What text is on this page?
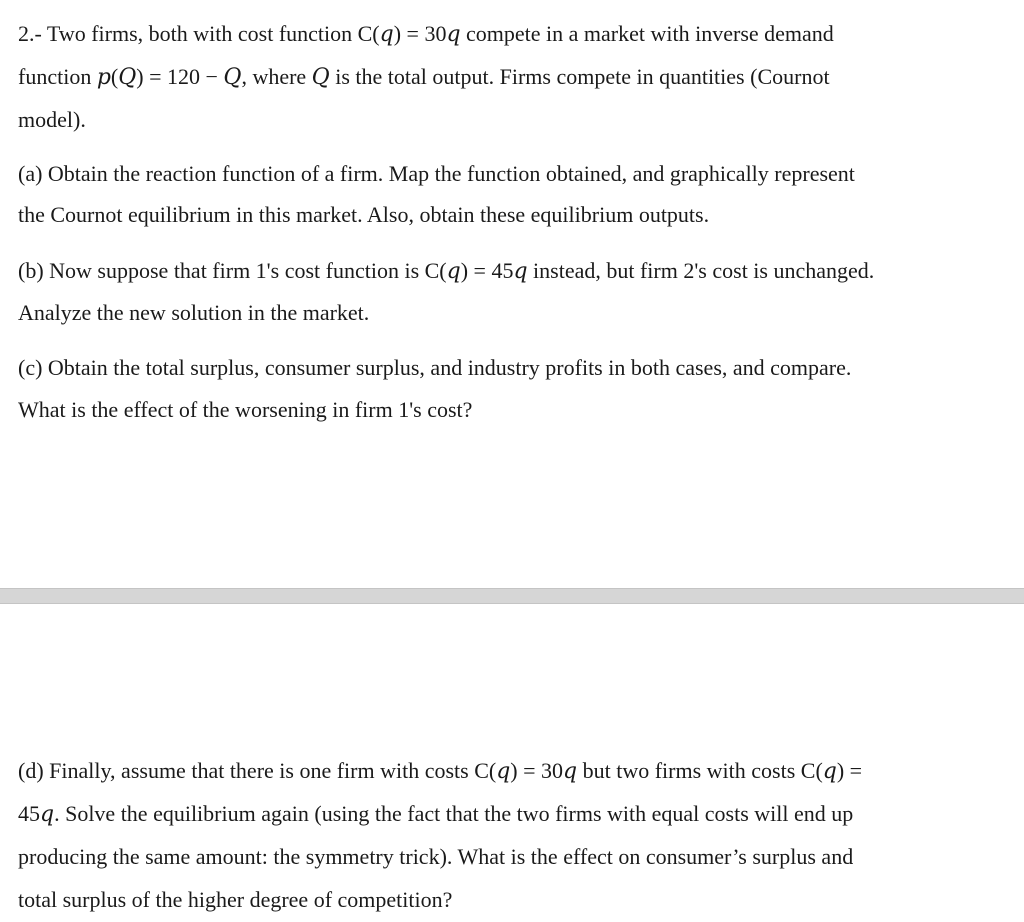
2.- Two firms, both with cost function C(𝑞) = 30𝑞 compete in a market with inverse demand
function 𝑝(𝑄) = 120 − 𝑄, where 𝑄 is the total output. Firms compete in quantities (Cournot
model).

(a) Obtain the reaction function of a firm. Map the function obtained, and graphically represent
the Cournot equilibrium in this market. Also, obtain these equilibrium outputs.

(b) Now suppose that firm 1's cost function is C(𝑞) = 45𝑞 instead, but firm 2's cost is unchanged.
Analyze the new solution in the market.

(c) Obtain the total surplus, consumer surplus, and industry profits in both cases, and compare.
What is the effect of the worsening in firm 1's cost?

(d) Finally, assume that there is one firm with costs C(𝑞) = 30𝑞 but two firms with costs C(𝑞) =
45𝑞. Solve the equilibrium again (using the fact that the two firms with equal costs will end up
producing the same amount: the symmetry trick). What is the effect on consumer’s surplus and
total surplus of the higher degree of competition?
